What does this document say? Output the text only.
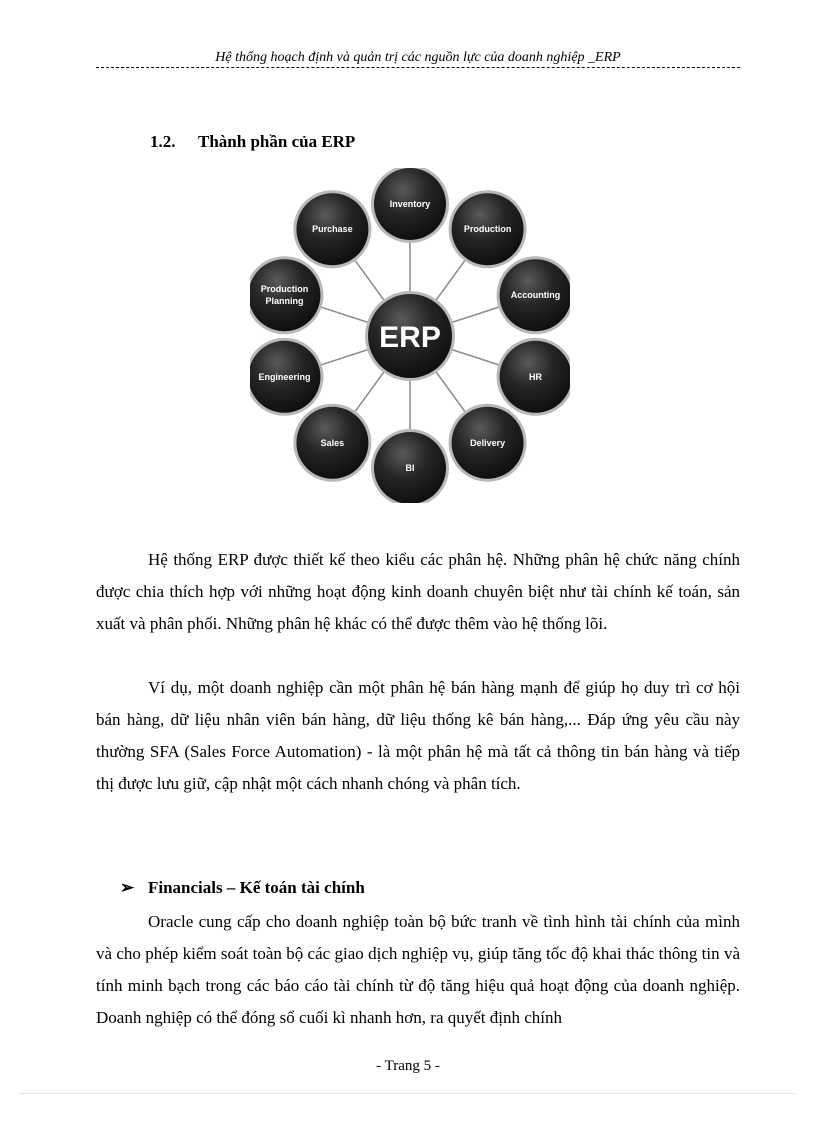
Hệ thống hoạch định và quản trị các nguồn lực của doanh nghiệp _ERP
1.2. Thành phần của ERP
Inventory
Production
Accounting
HR
Delivery
BI
Sales
Engineering
Production Planning
Purchase
ERP

Hệ thống ERP được thiết kế theo kiểu các phân hệ. Những phân hệ chức năng chính được chia thích hợp với những hoạt động kinh doanh chuyên biệt như tài chính kế toán, sản xuất và phân phối. Những phân hệ khác có thể được thêm vào hệ thống lõi.

Ví dụ, một doanh nghiệp cần một phân hệ bán hàng mạnh để giúp họ duy trì cơ hội bán hàng, dữ liệu nhân viên bán hàng, dữ liệu thống kê bán hàng,... Đáp ứng yêu cầu này thường SFA (Sales Force Automation) - là một phân hệ mà tất cả thông tin bán hàng và tiếp thị được lưu giữ, cập nhật một cách nhanh chóng và phân tích.

➢ Financials – Kế toán tài chính

Oracle cung cấp cho doanh nghiệp toàn bộ bức tranh về tình hình tài chính của mình và cho phép kiểm soát toàn bộ các giao dịch nghiệp vụ, giúp tăng tốc độ khai thác thông tin và tính minh bạch trong các báo cáo tài chính từ độ tăng hiệu quả hoạt động của doanh nghiệp. Doanh nghiệp có thể đóng sổ cuối kì nhanh hơn, ra quyết định chính

- Trang 5 -
